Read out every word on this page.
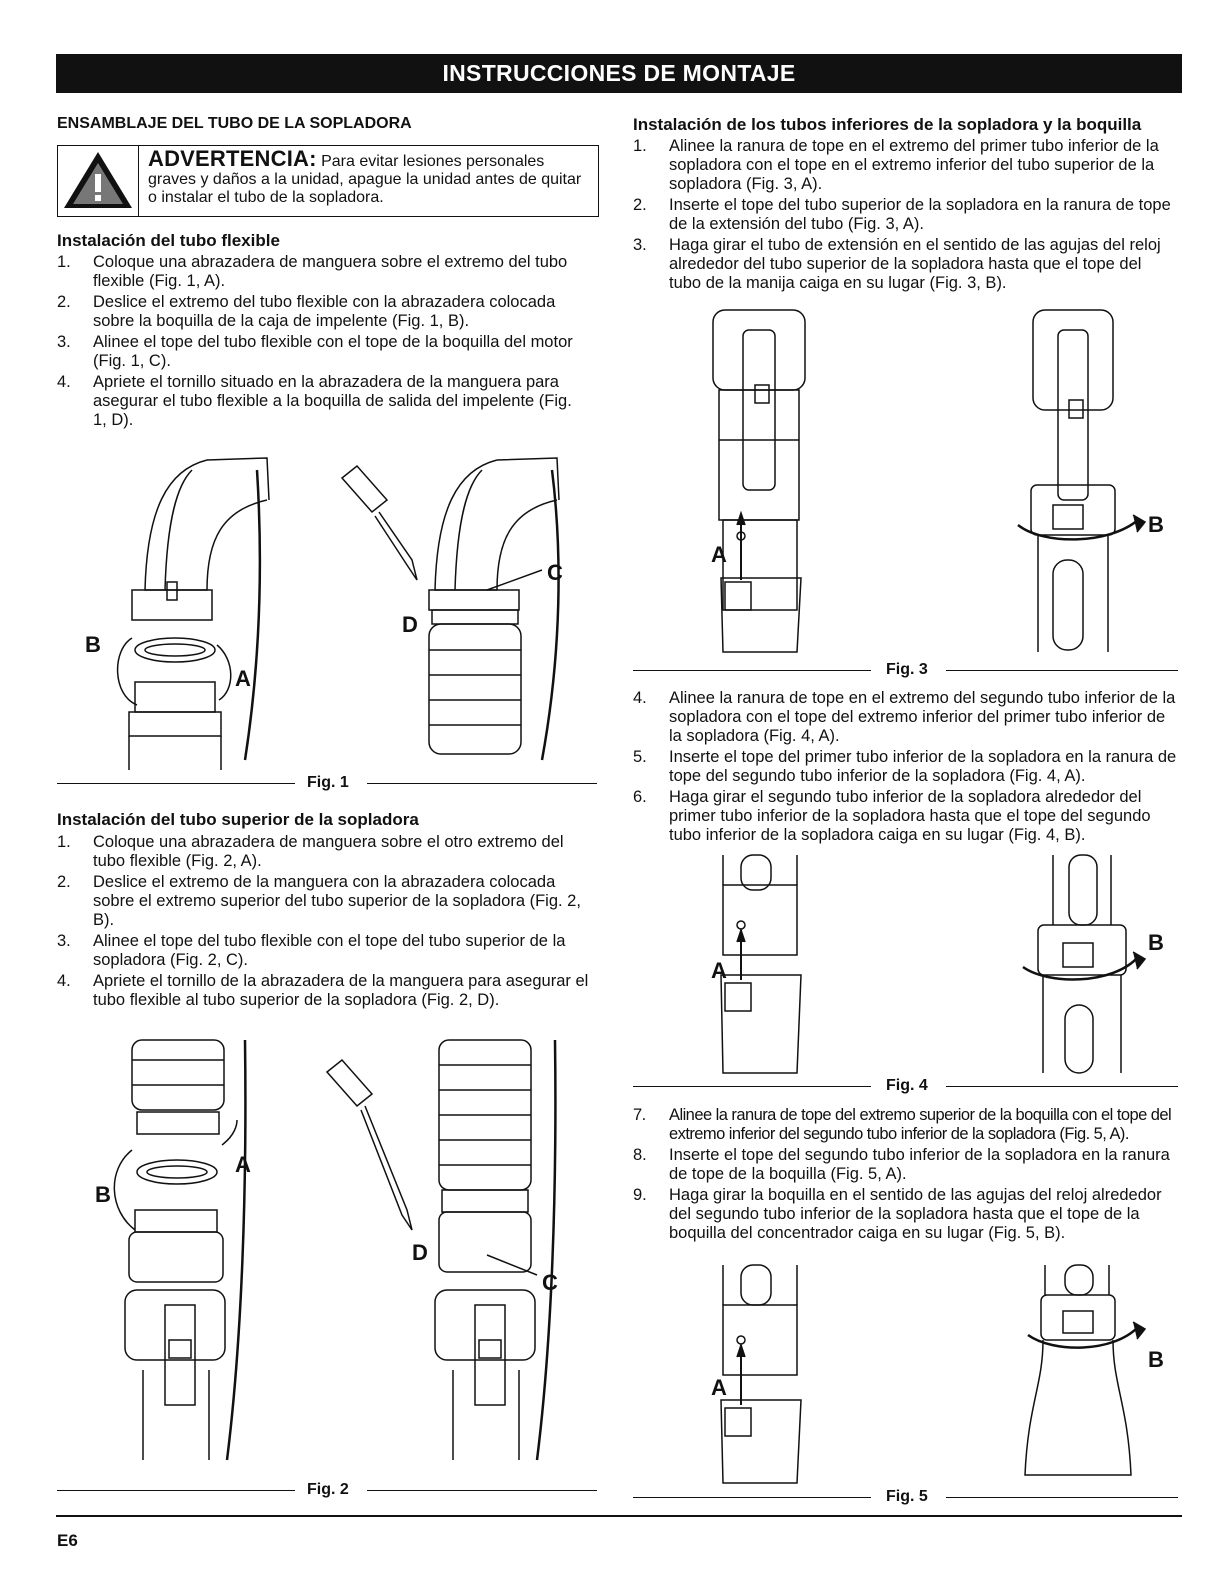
INSTRUCCIONES DE MONTAJE
ENSAMBLAJE DEL TUBO DE LA SOPLADORA
ADVERTENCIA: Para evitar lesiones personales graves y daños a la unidad, apague la unidad antes de quitar o instalar el tubo de la sopladora.
Instalación del tubo flexible
1. Coloque una abrazadera de manguera sobre el extremo del tubo flexible (Fig. 1, A).
2. Deslice el extremo del tubo flexible con la abrazadera colocada sobre la boquilla de la caja de impelente (Fig. 1, B).
3. Alinee el tope del tubo flexible con el tope de la boquilla del motor (Fig. 1, C).
4. Apriete el tornillo situado en la abrazadera de la manguera para asegurar el tubo flexible a la boquilla de salida del impelente (Fig. 1, D).
B
A
C
D
Fig. 1
Instalación del tubo superior de la sopladora
1. Coloque una abrazadera de manguera sobre el otro extremo del tubo flexible (Fig. 2, A).
2. Deslice el extremo de la manguera con la abrazadera colocada sobre el extremo superior del tubo superior de la sopladora (Fig. 2, B).
3. Alinee el tope del tubo flexible con el tope del tubo superior de la sopladora (Fig. 2, C).
4. Apriete el tornillo de la abrazadera de la manguera para asegurar el tubo flexible al tubo superior de la sopladora (Fig. 2, D).
A
B
C
D
Fig. 2
Instalación de los tubos inferiores de la sopladora y la boquilla
1. Alinee la ranura de tope en el extremo del primer tubo inferior de la sopladora con el tope en el extremo inferior del tubo superior de la sopladora (Fig. 3, A).
2. Inserte el tope del tubo superior de la sopladora en la ranura de tope de la extensión del tubo (Fig. 3, A).
3. Haga girar el tubo de extensión en el sentido de las agujas del reloj alrededor del tubo superior de la sopladora hasta que el tope del tubo de la manija caiga en su lugar (Fig. 3, B).
A
B
Fig. 3
4. Alinee la ranura de tope en el extremo del segundo tubo inferior de la sopladora con el tope del extremo inferior del primer tubo inferior de la sopladora (Fig. 4, A).
5. Inserte el tope del primer tubo inferior de la sopladora en la ranura de tope del segundo tubo inferior de la sopladora (Fig. 4, A).
6. Haga girar el segundo tubo inferior de la sopladora alrededor del primer tubo inferior de la sopladora hasta que el tope del segundo tubo inferior de la sopladora caiga en su lugar (Fig. 4, B).
A
B
Fig. 4
7. Alinee la ranura de tope del extremo superior de la boquilla con el tope del extremo inferior del segundo tubo inferior de la sopladora (Fig. 5, A).
8. Inserte el tope del segundo tubo inferior de la sopladora en la ranura de tope de la boquilla (Fig. 5, A).
9. Haga girar la boquilla en el sentido de las agujas del reloj alrededor del segundo tubo inferior de la sopladora hasta que el tope de la boquilla del concentrador caiga en su lugar (Fig. 5, B).
A
B
Fig. 5
E6
